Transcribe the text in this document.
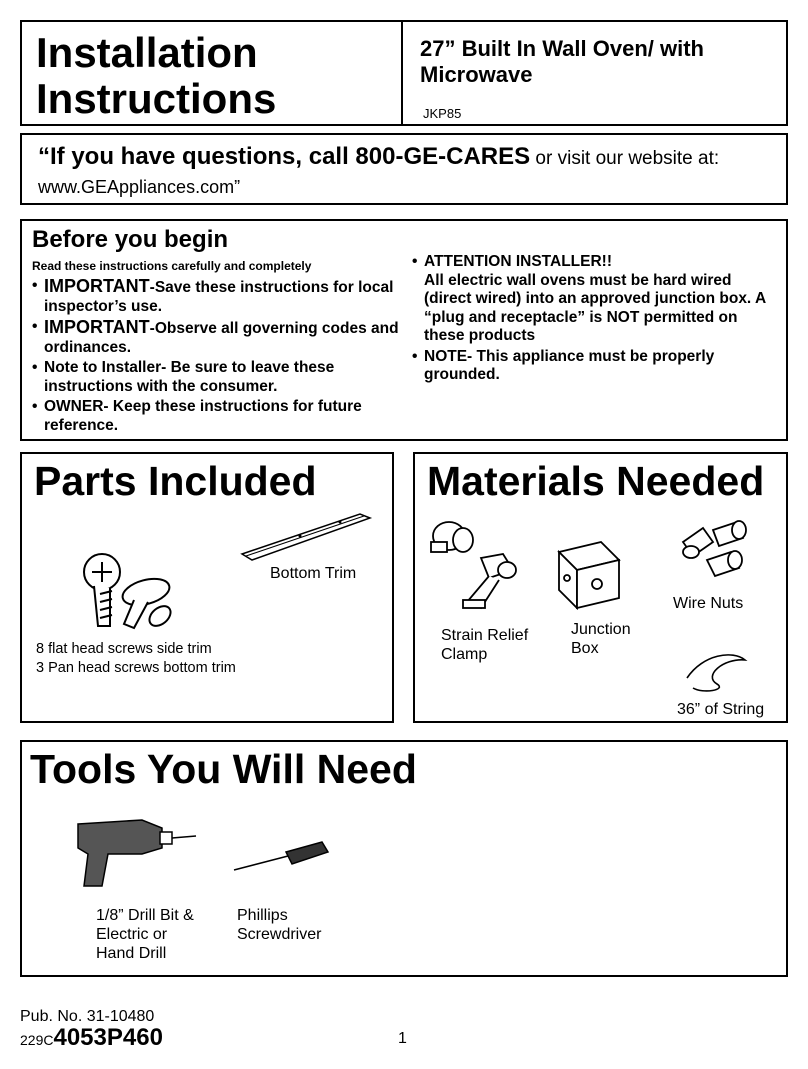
Installation
Instructions
27” Built In Wall Oven/ with
Microwave
JKP85
“If you have questions, call 800-GE-CARES or visit our website at:
www.GEAppliances.com”
Before you begin
Read these instructions carefully and completely
• IMPORTANT-Save these instructions for local inspector’s use.
• IMPORTANT-Observe all governing codes and ordinances.
• Note to Installer- Be sure to leave these instructions with the consumer.
• OWNER- Keep these instructions for future reference.
• ATTENTION INSTALLER!!
All electric wall ovens must be hard wired (direct wired) into an approved junction box. A “plug and receptacle” is NOT permitted on these products
• NOTE- This appliance must be properly grounded.
Parts Included
Bottom Trim
8 flat head screws side trim
3 Pan head screws bottom trim
Materials Needed
Strain Relief
Clamp
Junction
Box
Wire Nuts
36” of String
Tools You Will Need
1/8” Drill Bit &
Electric or
Hand Drill
Phillips
Screwdriver
Pub. No. 31-10480
229C4053P460	1
